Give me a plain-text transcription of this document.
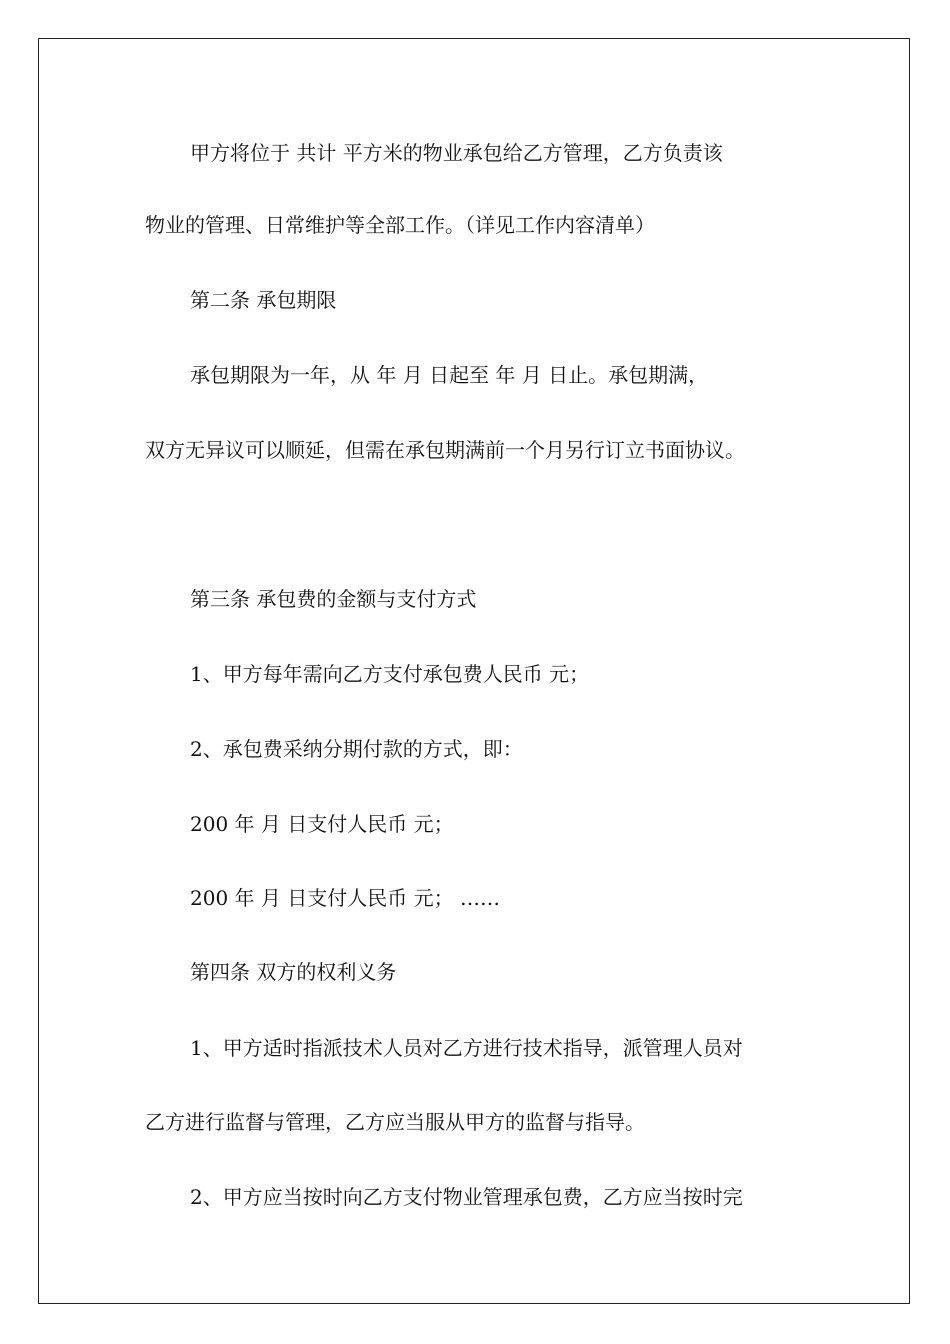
甲方将位于 共计 平方米的物业承包给乙方管理，乙方负责该
物业的管理、日常维护等全部工作。（详见工作内容清单）
第二条 承包期限
承包期限为一年，从 年 月 日起至 年 月 日止。承包期满，
双方无异议可以顺延，但需在承包期满前一个月另行订立书面协议。
第三条 承包费的金额与支付方式
1、甲方每年需向乙方支付承包费人民币 元；
2、承包费采纳分期付款的方式，即：
200 年 月 日支付人民币 元；
200 年 月 日支付人民币 元； ……
第四条 双方的权利义务
1、甲方适时指派技术人员对乙方进行技术指导，派管理人员对
乙方进行监督与管理，乙方应当服从甲方的监督与指导。
2、甲方应当按时向乙方支付物业管理承包费，乙方应当按时完
